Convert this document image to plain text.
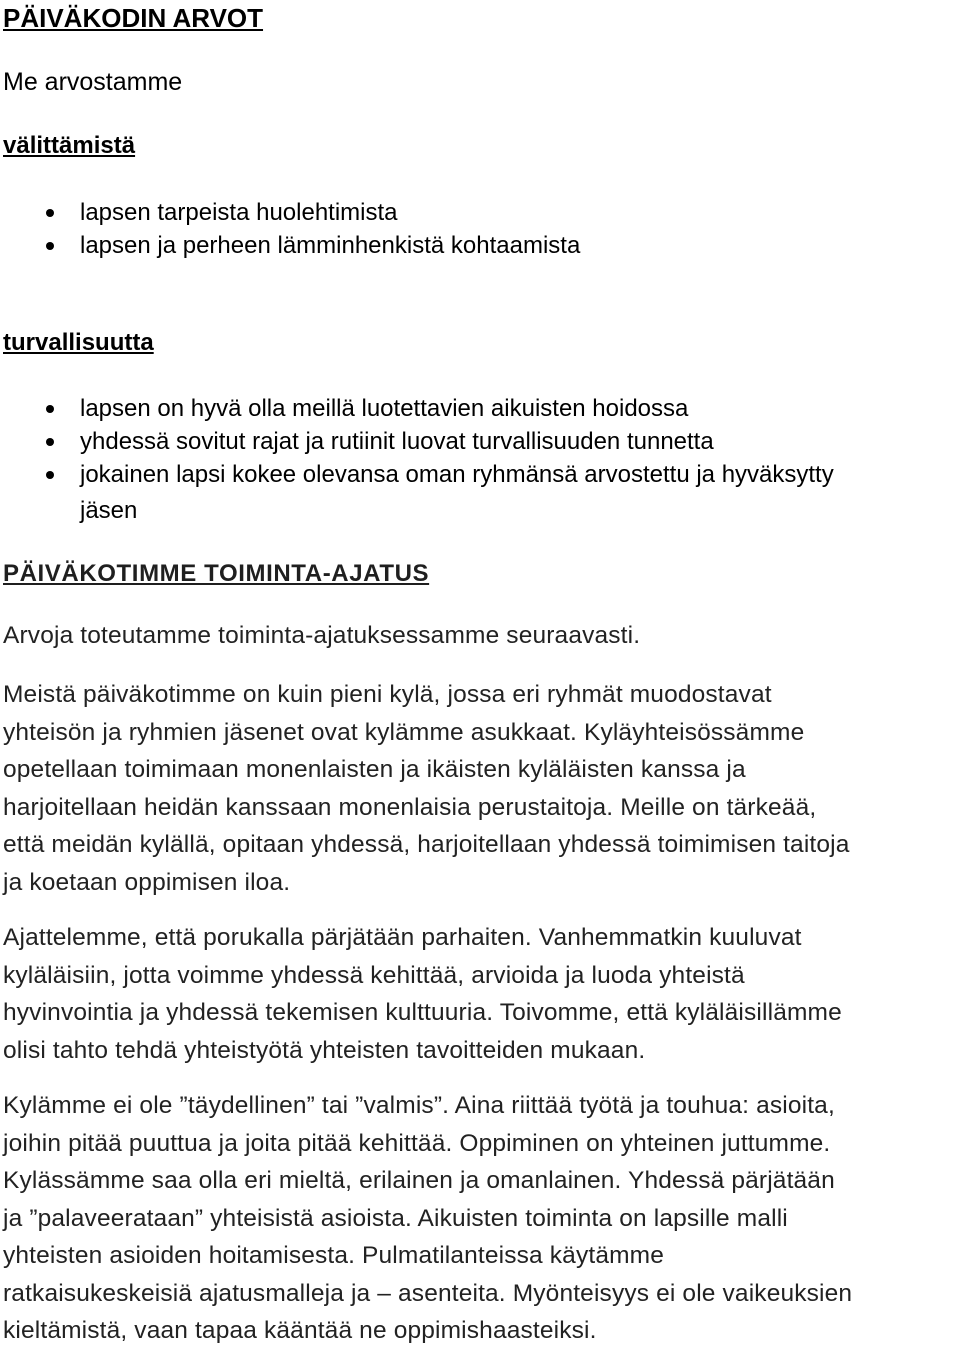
PÄIVÄKODIN ARVOT

Me arvostamme

välittämistä

lapsen tarpeista huolehtimista
lapsen ja perheen lämminhenkistä kohtaamista

turvallisuutta

lapsen on hyvä olla meillä luotettavien aikuisten hoidossa
yhdessä sovitut rajat ja rutiinit luovat turvallisuuden tunnetta
jokainen lapsi kokee olevansa oman ryhmänsä arvostettu ja hyväksytty

jäsen

PÄIVÄKOTIMME TOIMINTA-AJATUS

Arvoja toteutamme toiminta-ajatuksessamme seuraavasti.

Meistä päiväkotimme on kuin pieni kylä, jossa eri ryhmät muodostavat
yhteisön ja ryhmien jäsenet ovat kylämme asukkaat. Kyläyhteisössämme
opetellaan toimimaan monenlaisten ja ikäisten kyläläisten kanssa ja
harjoitellaan heidän kanssaan monenlaisia perustaitoja. Meille on tärkeää,
että meidän kylällä, opitaan yhdessä, harjoitellaan yhdessä toimimisen taitoja
ja koetaan oppimisen iloa.

Ajattelemme, että porukalla pärjätään parhaiten. Vanhemmatkin kuuluvat
kyläläisiin, jotta voimme yhdessä kehittää, arvioida ja luoda yhteistä
hyvinvointia ja yhdessä tekemisen kulttuuria. Toivomme, että kyläläisillämme
olisi tahto tehdä yhteistyötä yhteisten tavoitteiden mukaan.

Kylämme ei ole ”täydellinen” tai ”valmis”. Aina riittää työtä ja touhua: asioita,
joihin pitää puuttua ja joita pitää kehittää. Oppiminen on yhteinen juttumme.
Kylässämme saa olla eri mieltä, erilainen ja omanlainen. Yhdessä pärjätään
ja ”palaveerataan” yhteisistä asioista. Aikuisten toiminta on lapsille malli
yhteisten asioiden hoitamisesta. Pulmatilanteissa käytämme
ratkaisukeskeisiä ajatusmalleja ja – asenteita. Myönteisyys ei ole vaikeuksien
kieltämistä, vaan tapaa kääntää ne oppimishaasteiksi.
